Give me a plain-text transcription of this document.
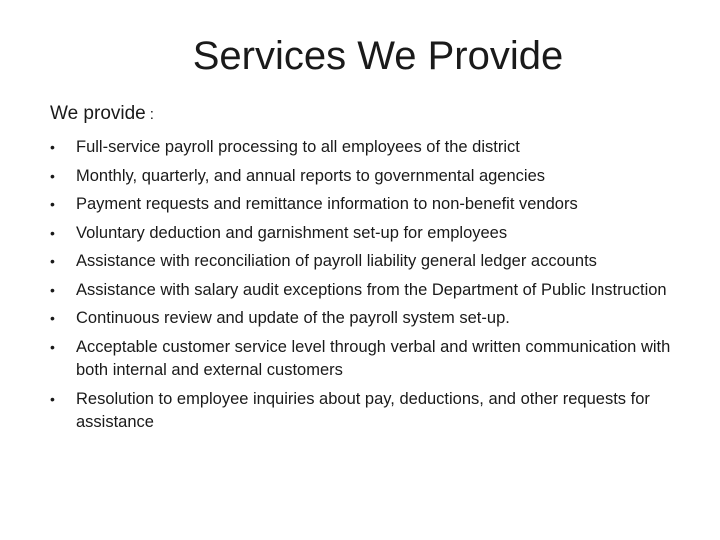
Services We Provide

We provide :

•	Full-service payroll processing to all employees of the district
•	Monthly, quarterly, and annual reports to governmental agencies
•	Payment requests and remittance information to non-benefit vendors
•	Voluntary deduction and garnishment set-up for employees
•	Assistance with reconciliation of payroll liability general ledger accounts
•	Assistance with salary audit exceptions from the Department of Public Instruction
•	Continuous review and update of the payroll system set-up.
•	Acceptable customer service level through verbal and written communication with both internal and external customers
•	Resolution to employee inquiries about pay, deductions, and other requests for assistance
